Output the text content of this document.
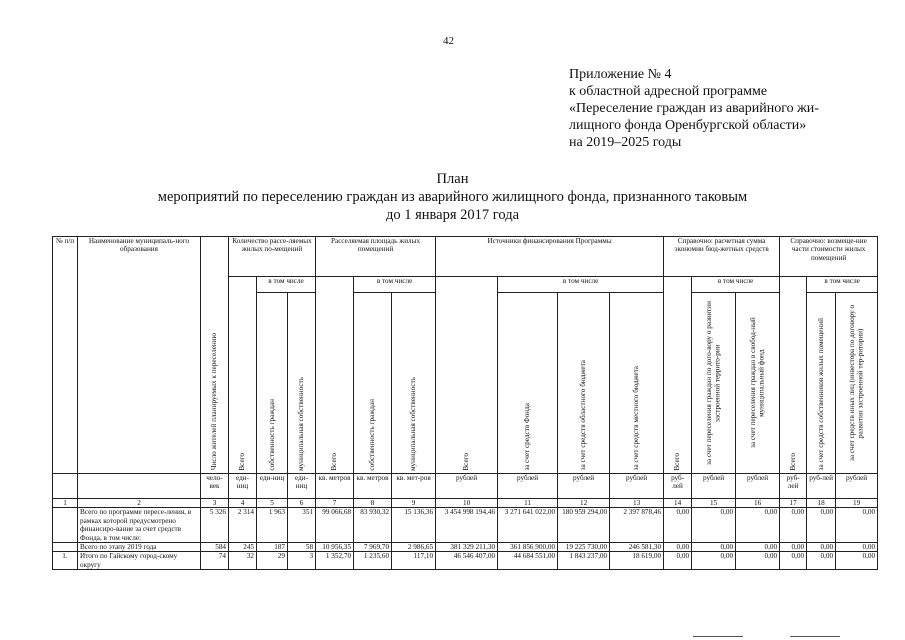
42
Приложение № 4
к областной адресной программе
«Переселение граждан из аварийного жи-
лищного фонда Оренбургской области»
на 2019–2025 годы
План
мероприятий по переселению граждан из аварийного жилищного фонда, признанного таковым
до 1 января 2017 года
№ п/п	Наименование муниципаль-ного образования	Число жителей планируемых к переселению	Количество рассе-ляемых жилых по-мещений			Расселяемая площадь жилых помещений			Источники финансирования Программы				Справочно: расчетная сумма экономии бюд-жетных средств			Справочно: возмеще-ние части стоимости жилых помещений		
			Всего	в том числе		Всего	в том числе		Всего	в том числе			Всего	в том числе		Всего	в том числе	
				собственность граждан	муниципальная собственность		собственность граждан	муниципальная собственность		за счет средств Фонда	за счет средств областного бюджета	за счет средств местного бюджета		за счет переселения граждан по дого-вору о развитии застроенной террито-рии	за счет переселения граждан в свобод-ный муниципальный фонд		за счет средств собственников жилых помещений	за счет средств иных лиц (инвестора по договору о развитии застроенной тер-ритории)
		чело-век	еди-ниц	еди-ниц	еди-ниц	кв. метров	кв. метров	кв. мет-ров	рублей	рублей	рублей	рублей	руб-лей	рублей	рублей	руб-лей	руб-лей	рублей
1	2	3	4	5	6	7	8	9	10	11	12	13	14	15	16	17	18	19
	Всего по программе пересе-ления, в рамках которой предусмотрено финансиро-вание за счет средств Фонда, в том числе:	5 326	2 314	1 963	351	99 066,68	83 930,32	15 136,36	3 454 998 194,46	3 271 641 022,00	180 959 294,00	2 397 878,46	0,00	0,00	0,00	0,00	0,00	0,00
	Всего по этапу 2019 года	584	245	187	58	10 956,35	7 969,70	2 986,65	381 329 211,30	361 856 900,00	19 225 730,00	246 581,30	0,00	0,00	0,00	0,00	0,00	0,00
1.	Итого по Гайскому город-скому округу	74	32	29	3	1 352,70	1 235,60	117,10	46 546 407,00	44 684 551,00	1 843 237,00	18 619,00	0,00	0,00	0,00	0,00	0,00	0,00
